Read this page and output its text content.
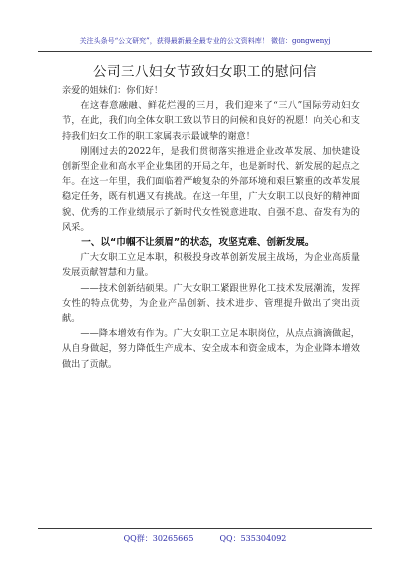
关注头条号“公文研究”，获得最新最全最专业的公文资料库！ 微信：gongwenyj
公司三八妇女节致妇女职工的慰问信

亲爱的姐妹们：你们好！

在这春意融融、鲜花烂漫的三月，我们迎来了“三八”国际劳动妇女节，在此，我们向全体女职工致以节日的问候和良好的祝愿！向关心和支持我们妇女工作的职工家属表示最诚挚的谢意！

刚刚过去的2022年，是我们贯彻落实推进企业改革发展、加快建设创新型企业和高水平企业集团的开局之年，也是新时代、新发展的起点之年。在这一年里，我们面临着严峻复杂的外部环境和艰巨繁重的改革发展稳定任务，既有机遇又有挑战。在这一年里，广大女职工以良好的精神面貌、优秀的工作业绩展示了新时代女性锐意进取、自强不息、奋发有为的风采。

一、以“巾帼不让须眉”的状态，攻坚克难、创新发展。

广大女职工立足本职，积极投身改革创新发展主战场，为企业高质量发展贡献智慧和力量。

——技术创新结硕果。广大女职工紧跟世界化工技术发展潮流，发挥女性的特点优势，为企业产品创新、技术进步、管理提升做出了突出贡献。

——降本增效有作为。广大女职工立足本职岗位，从点点滴滴做起，从自身做起，努力降低生产成本、安全成本和资金成本，为企业降本增效做出了贡献。

QQ群：30265665	QQ：535304092
